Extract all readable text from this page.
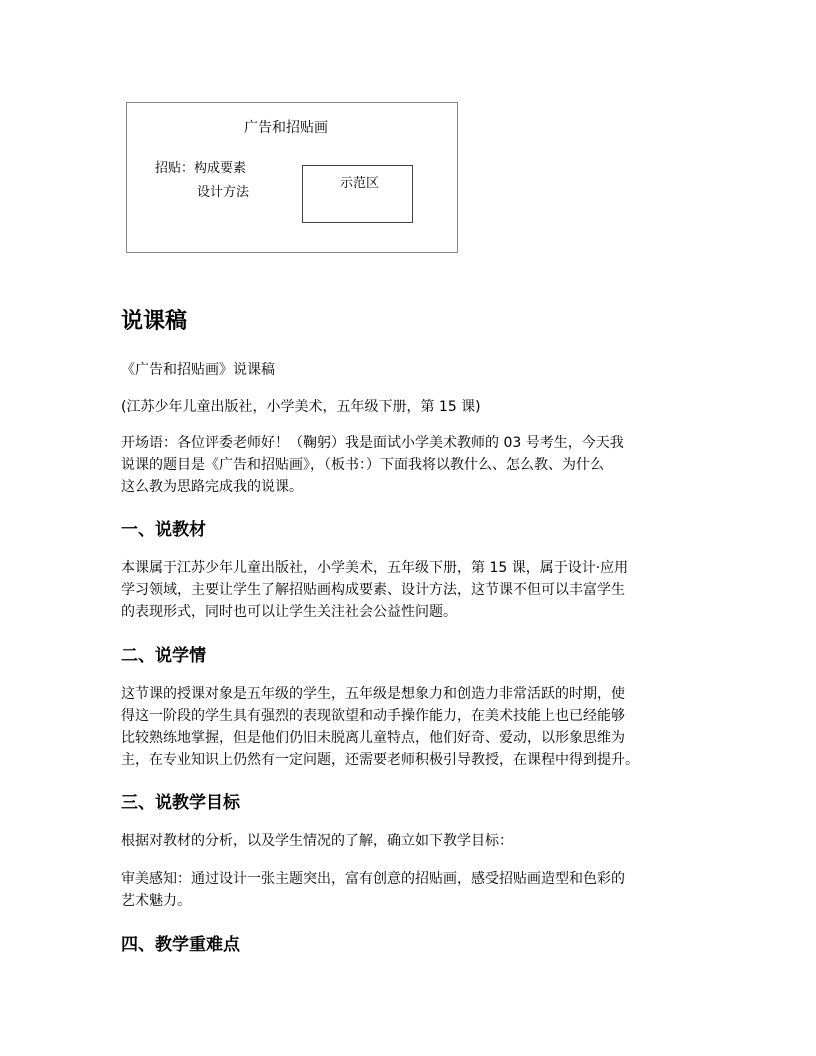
广告和招贴画
招贴：构成要素
设计方法
示范区
说课稿

《广告和招贴画》说课稿

(江苏少年儿童出版社，小学美术，五年级下册，第 15 课)

开场语：各位评委老师好！（鞠躬）我是面试小学美术教师的 03 号考生，今天我

说课的题目是《广告和招贴画》，（板书：）下面我将以教什么、怎么教、为什么

这么教为思路完成我的说课。

一、说教材

本课属于江苏少年儿童出版社，小学美术，五年级下册，第 15 课，属于设计·应用

学习领域，主要让学生了解招贴画构成要素、设计方法，这节课不但可以丰富学生

的表现形式，同时也可以让学生关注社会公益性问题。

二、说学情

这节课的授课对象是五年级的学生，五年级是想象力和创造力非常活跃的时期，使

得这一阶段的学生具有强烈的表现欲望和动手操作能力，在美术技能上也已经能够

比较熟练地掌握，但是他们仍旧未脱离儿童特点，他们好奇、爱动，以形象思维为

主，在专业知识上仍然有一定问题，还需要老师积极引导教授，在课程中得到提升。

三、说教学目标

根据对教材的分析，以及学生情况的了解，确立如下教学目标：

审美感知：通过设计一张主题突出，富有创意的招贴画，感受招贴画造型和色彩的

艺术魅力。

四、教学重难点
